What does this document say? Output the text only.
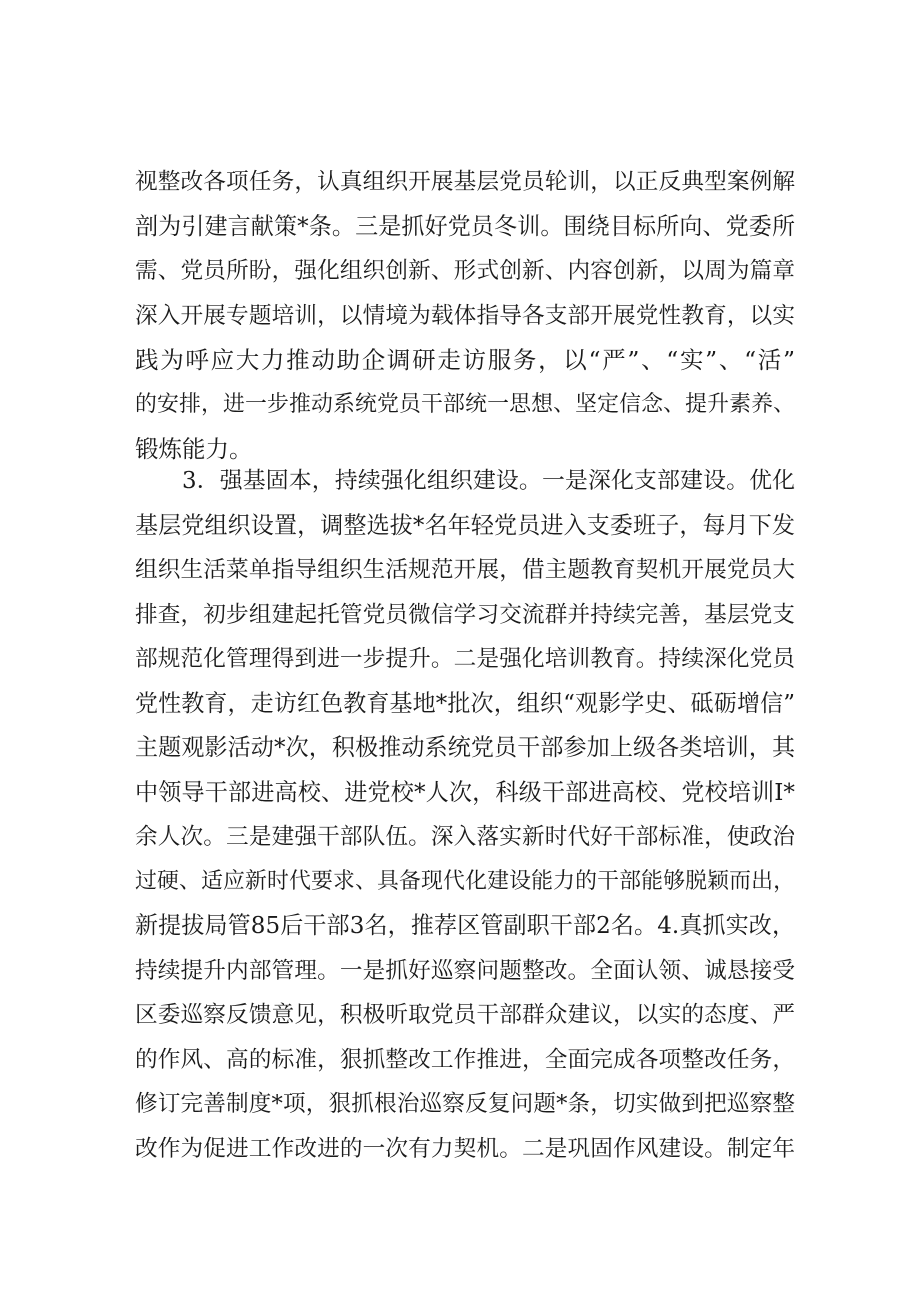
视整改各项任务，认真组织开展基层党员轮训，以正反典型案例解
剖为引建言献策*条。三是抓好党员冬训。围绕目标所向、党委所
需、党员所盼，强化组织创新、形式创新、内容创新，以周为篇章
深入开展专题培训，以情境为载体指导各支部开展党性教育，以实
践为呼应大力推动助企调研走访服务，以“严”、“实”、“活”
的安排，进一步推动系统党员干部统一思想、坚定信念、提升素养、
锻炼能力。
3．强基固本，持续强化组织建设。一是深化支部建设。优化
基层党组织设置，调整选拔*名年轻党员进入支委班子，每月下发
组织生活菜单指导组织生活规范开展，借主题教育契机开展党员大
排查，初步组建起托管党员微信学习交流群并持续完善，基层党支
部规范化管理得到进一步提升。二是强化培训教育。持续深化党员
党性教育，走访红色教育基地*批次，组织“观影学史、砥砺增信”
主题观影活动*次，积极推动系统党员干部参加上级各类培训，其
中领导干部进高校、进党校*人次，科级干部进高校、党校培训I*
余人次。三是建强干部队伍。深入落实新时代好干部标准，使政治
过硬、适应新时代要求、具备现代化建设能力的干部能够脱颖而出，
新提拔局管85后干部3名，推荐区管副职干部2名。4.真抓实改，
持续提升内部管理。一是抓好巡察问题整改。全面认领、诚恳接受
区委巡察反馈意见，积极听取党员干部群众建议，以实的态度、严
的作风、高的标准，狠抓整改工作推进，全面完成各项整改任务，
修订完善制度*项，狠抓根治巡察反复问题*条，切实做到把巡察整
改作为促进工作改进的一次有力契机。二是巩固作风建设。制定年
